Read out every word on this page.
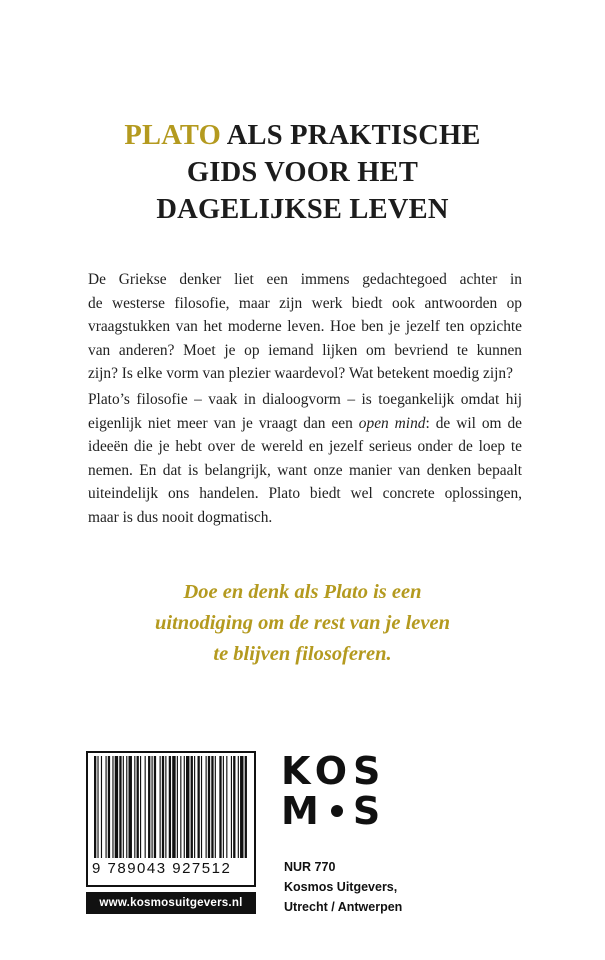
PLATO ALS PRAKTISCHE
GIDS VOOR HET
DAGELIJKSE LEVEN
De Griekse denker liet een immens gedachtegoed achter in
de westerse filosofie, maar zijn werk biedt ook antwoorden op
vraagstukken van het moderne leven. Hoe ben je jezelf ten opzichte
van anderen? Moet je op iemand lijken om bevriend te kunnen
zijn? Is elke vorm van plezier waardevol? Wat betekent moedig zijn?
Plato’s filosofie – vaak in dialoogvorm – is toegankelijk omdat hij
eigenlijk niet meer van je vraagt dan een open mind: de wil om de
ideeën die je hebt over de wereld en jezelf serieus onder de loep te
nemen. En dat is belangrijk, want onze manier van denken bepaalt
uiteindelijk ons handelen. Plato biedt wel concrete oplossingen,
maar is dus nooit dogmatisch.
Doe en denk als Plato is een
uitnodiging om de rest van je leven
te blijven filosoferen.
9 789043 927512
www.kosmosuitgevers.nl
KOS
M S
NUR 770
Kosmos Uitgevers,
Utrecht / Antwerpen
